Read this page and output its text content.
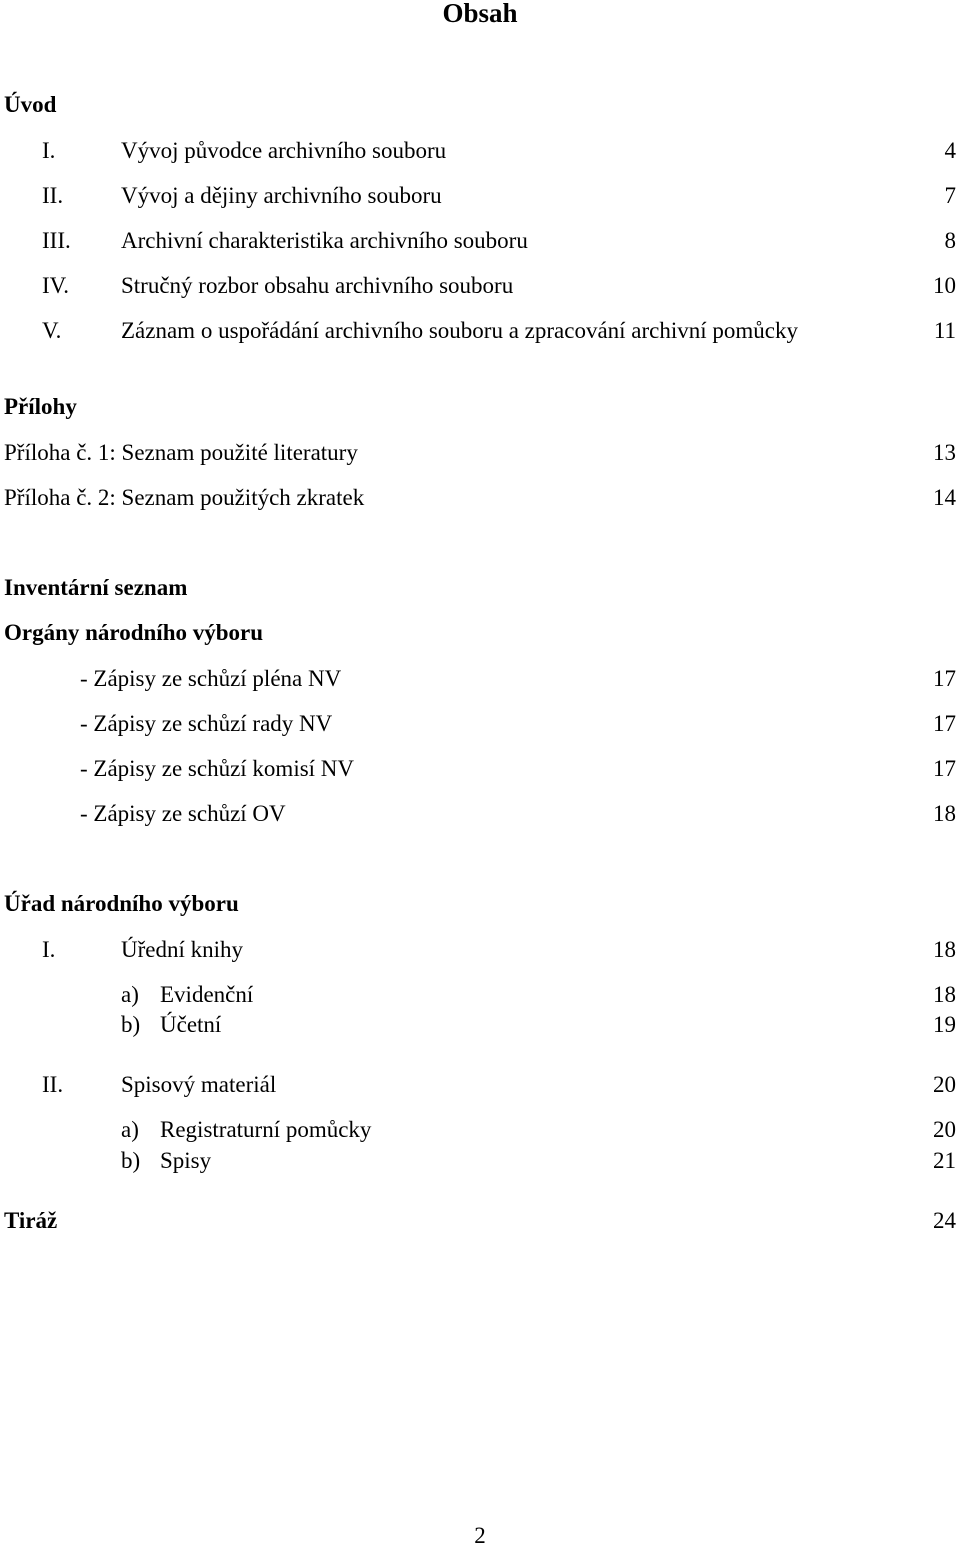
Obsah
Úvod
I.	Vývoj původce archivního souboru	4
II.	Vývoj a dějiny archivního souboru	7
III. Archivní charakteristika archivního souboru	8
IV. Stručný rozbor obsahu archivního souboru	10
V.	Záznam o uspořádání archivního souboru a zpracování archivní pomůcky	11
Přílohy
Příloha č. 1: Seznam použité literatury	13
Příloha č. 2: Seznam použitých zkratek	14
Inventární seznam
Orgány národního výboru
- Zápisy ze schůzí pléna NV	17
- Zápisy ze schůzí rady NV	17
- Zápisy ze schůzí komisí NV	17
- Zápisy ze schůzí OV	18
Úřad národního výboru
I.	Úřední knihy	18
a) Evidenční	18
b) Účetní	19
II.	Spisový materiál	20
a) Registraturní pomůcky	20
b) Spisy	21
Tiráž	24
2
